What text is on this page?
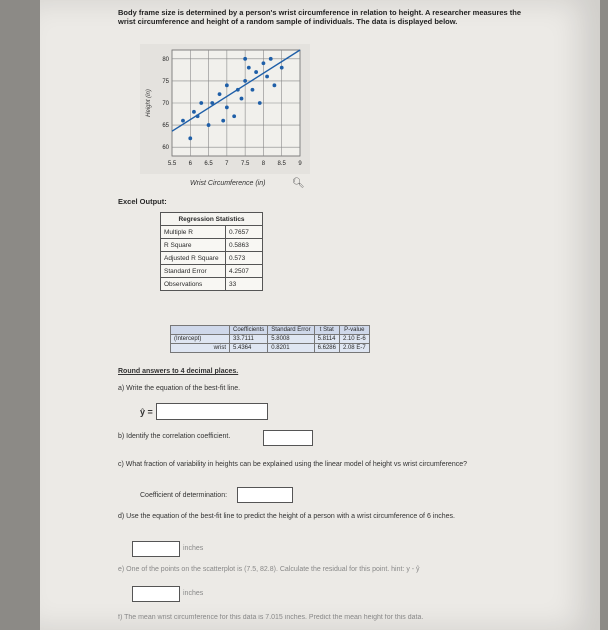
Body frame size is determined by a person's wrist circumference in relation to height. A researcher measures the wrist circumference and height of a random sample of individuals. The data is displayed below.
5.5 6 6.5 7 7.5 8 8.5 9
60
65
70
75
80
Height (in)
Wrist Circumference (in)	🔍︎
Excel Output:
Regression Statistics	
Multiple R	0.7657
R Square	0.5863
Adjusted R Square	0.573
Standard Error	4.2507
Observations	33
	Coefficients	Standard Error	t Stat	P-value
(Intercept)	33.7111	5.8008	5.8114	2.10 E-6
wrist	5.4364	0.8201	6.6286	2.08 E-7
Round answers to 4 decimal places.
a) Write the equation of the best-fit line.
ŷ =
b) Identify the correlation coefficient.
c) What fraction of variability in heights can be explained using the linear model of height vs wrist circumference?
Coefficient of determination:
d) Use the equation of the best-fit line to predict the height of a person with a wrist circumference of 6 inches.
inches
e) One of the points on the scatterplot is (7.5, 82.8). Calculate the residual for this point. hint: y - ŷ
inches
f) The mean wrist circumference for this data is 7.015 inches. Predict the mean height for this data.
